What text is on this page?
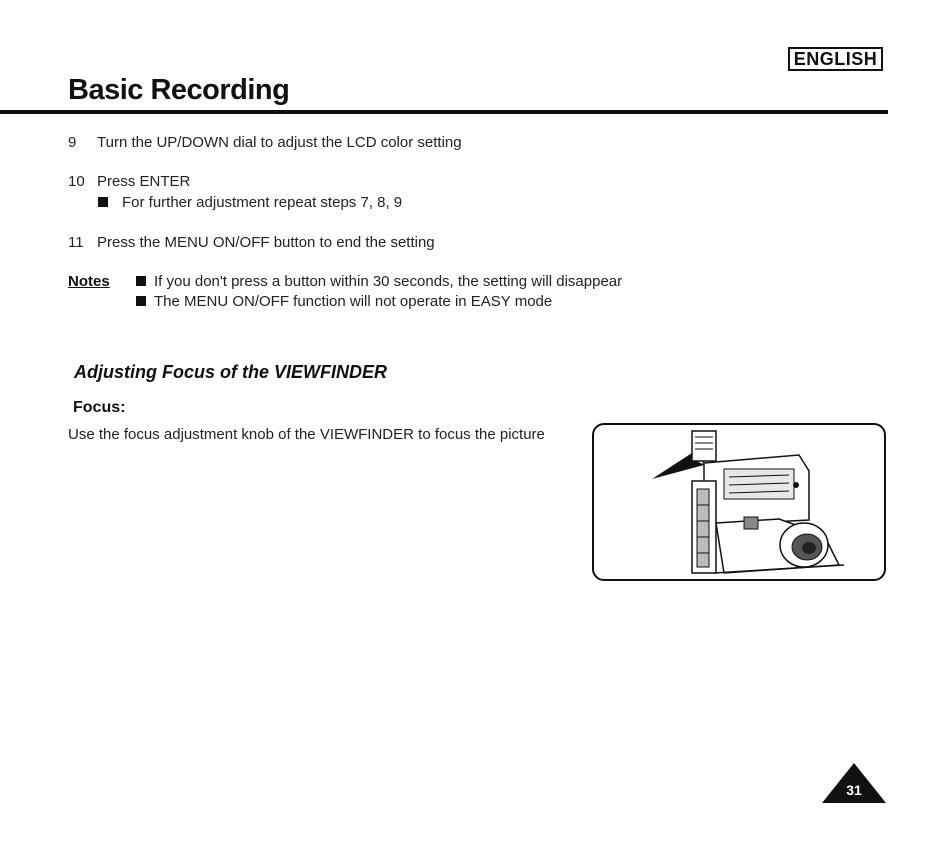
ENGLISH
Basic Recording
9 Turn the UP/DOWN dial to adjust the LCD color setting
10 Press ENTER
For further adjustment repeat steps 7, 8, 9
11 Press the MENU ON/OFF button to end the setting
Notes	If you don't press a button within 30 seconds, the setting will disappear
The MENU ON/OFF function will not operate in EASY mode
Adjusting Focus of the VIEWFINDER
Focus:
Use the focus adjustment knob of the VIEWFINDER to focus the picture
31
